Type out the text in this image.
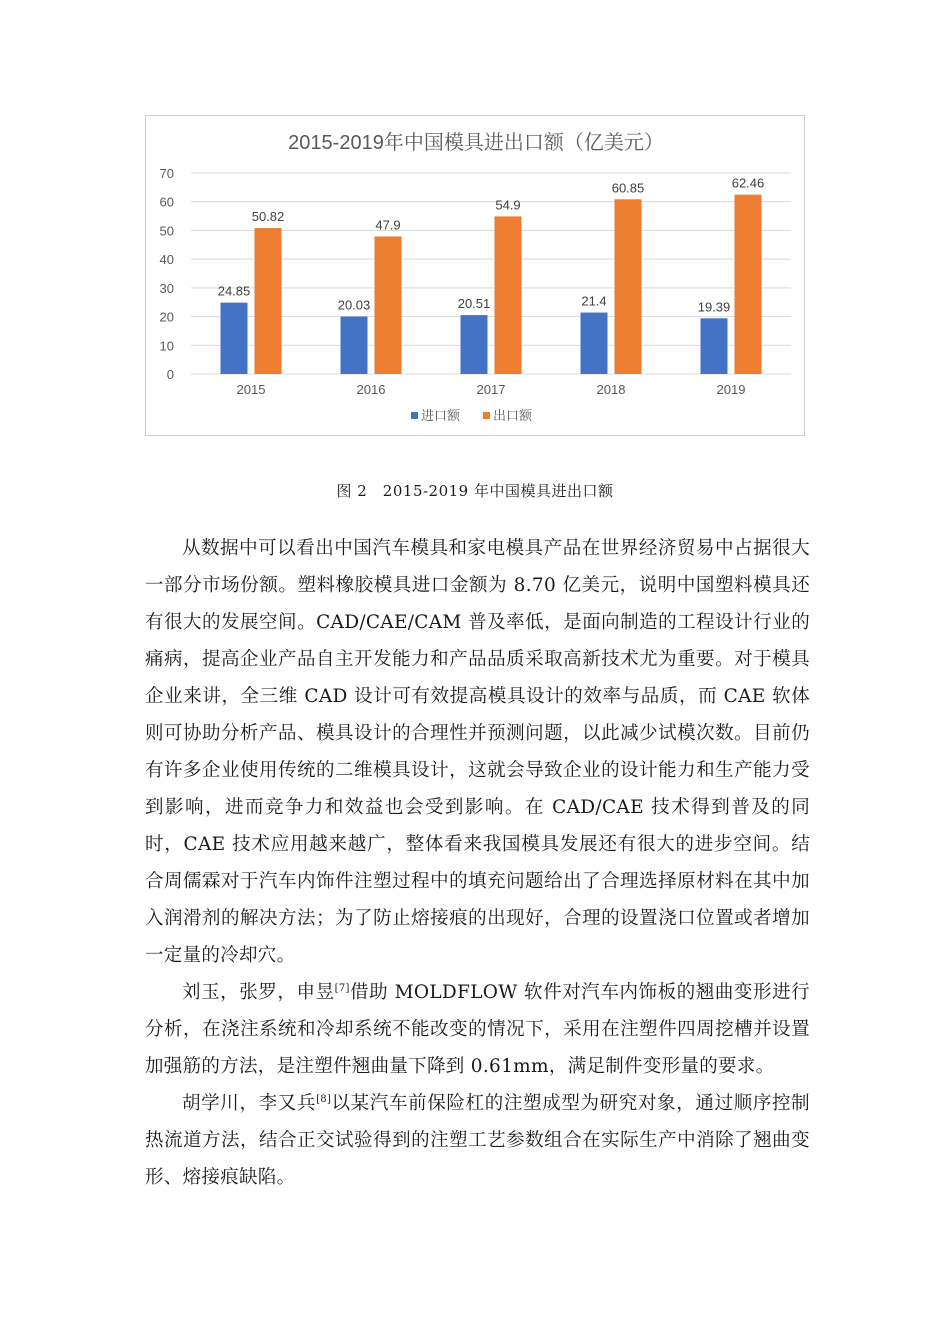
2015-2019年中国模具进出口额（亿美元）
0
10
20
30
40
50
60
70
24.85
50.82
20.03
47.9
20.51
54.9
21.4
60.85
19.39
62.46
2015	2016	2017	2018	2019
进口额	出口额
图 2　2015-2019 年中国模具进出口额

从数据中可以看出中国汽车模具和家电模具产品在世界经济贸易中占据很大一部分市场份额。塑料橡胶模具进口金额为 8.70 亿美元，说明中国塑料模具还有很大的发展空间。CAD/CAE/CAM 普及率低，是面向制造的工程设计行业的痛病，提高企业产品自主开发能力和产品品质采取高新技术尤为重要。对于模具企业来讲，全三维 CAD 设计可有效提高模具设计的效率与品质，而 CAE 软体则可协助分析产品、模具设计的合理性并预测问题，以此减少试模次数。目前仍有许多企业使用传统的二维模具设计，这就会导致企业的设计能力和生产能力受到影响，进而竞争力和效益也会受到影响。在 CAD/CAE 技术得到普及的同时，CAE 技术应用越来越广，整体看来我国模具发展还有很大的进步空间。结合周儒霖对于汽车内饰件注塑过程中的填充问题给出了合理选择原材料在其中加入润滑剂的解决方法；为了防止熔接痕的出现好，合理的设置浇口位置或者增加一定量的冷却穴。

刘玉，张罗，申昱[7]借助 MOLDFLOW 软件对汽车内饰板的翘曲变形进行分析，在浇注系统和冷却系统不能改变的情况下，采用在注塑件四周挖槽并设置加强筋的方法，是注塑件翘曲量下降到 0.61mm，满足制件变形量的要求。

胡学川，李又兵[8]以某汽车前保险杠的注塑成型为研究对象，通过顺序控制热流道方法，结合正交试验得到的注塑工艺参数组合在实际生产中消除了翘曲变形、熔接痕缺陷。
